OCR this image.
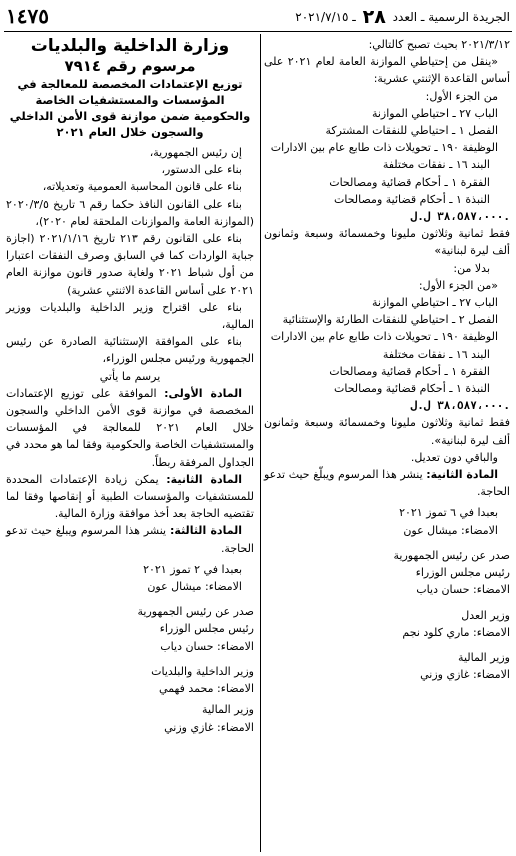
١٤٧٥	الجريدة الرسمية ـ العدد ٢٨ ـ ٢٠٢١/٧/١٥

٢٠٢١/٣/١٢ بحيث تصبح كالتالي:

«ينقل من إحتياطي الموازنة العامة لعام ٢٠٢١ على أساس القاعدة الإثنتي عشرية:

من الجزء الأول:

الباب ٢٧ ـ احتياطي الموازنة

الفصل ١ ـ احتياطي للنفقات المشتركة

الوظيفة ١٩٠ ـ تحويلات ذات طابع عام بين الادارات

البند ١٦ ـ نفقات مختلفة

الفقرة ١ ـ أحكام قضائية ومصالحات

النبذة ١ ـ أحكام قضائية ومصالحات

٣٨،٥٨٧،٠٠٠ ل.ل.

فقط ثمانية وثلاثون مليونا وخمسمائة وسبعة وثمانون ألف ليرة لبنانية»

بدلا من:

«من الجزء الأول:

الباب ٢٧ ـ احتياطي الموازنة

الفصل ٢ ـ احتياطي للنفقات الطارئة والإستثنائية

الوظيفة ١٩٠ ـ تحويلات ذات طابع عام بين الادارات

البند ١٦ ـ نفقات مختلفة

الفقرة ١ ـ أحكام قضائية ومصالحات

النبذة ١ ـ أحكام قضائية ومصالحات

٣٨،٥٨٧،٠٠٠ ل.ل.

فقط ثمانية وثلاثون مليونا وخمسمائة وسبعة وثمانون ألف ليرة لبنانية».

والباقي دون تعديل.

المادة الثانية: ينشر هذا المرسوم ويبلّغ حيث تدعو الحاجة.

بعبدا في ٦ تموز ٢٠٢١

الامضاء: ميشال عون

صدر عن رئيس الجمهورية

رئيس مجلس الوزراء

الامضاء: حسان دياب

وزير العدل

الامضاء: ماري كلود نجم

وزير المالية

الامضاء: غازي وزني

وزارة الداخلية والبلديات

مرسوم رقم ٧٩١٤

توزيع الإعتمادات المخصصة للمعالجة في المؤسسات والمستشفيات الخاصة والحكومية ضمن موازنة قوى الأمن الداخلي والسجون خلال العام ٢٠٢١

إن رئيس الجمهورية،

بناء على الدستور،

بناء على قانون المحاسبة العمومية وتعديلاته،

بناء على القانون النافذ حكما رقم ٦ تاريخ ٢٠٢٠/٣/٥ (الموازنة العامة والموازنات الملحقة لعام ٢٠٢٠)،

بناء على القانون رقم ٢١٣ تاريخ ٢٠٢١/١/١٦ (اجازة جباية الواردات كما في السابق وصرف النفقات اعتبارا من أول شباط ٢٠٢١ ولغاية صدور قانون موازنة العام ٢٠٢١ على أساس القاعدة الاثنتي عشرية)

بناء على اقتراح وزير الداخلية والبلديات ووزير المالية،

بناء على الموافقة الإستثنائية الصادرة عن رئيس الجمهورية ورئيس مجلس الوزراء،

يرسم ما يأتي

المادة الأولى: الموافقة على توزيع الإعتمادات المخصصة في موازنة قوى الأمن الداخلي والسجون خلال العام ٢٠٢١ للمعالجة في المؤسسات والمستشفيات الخاصة والحكومية وفقا لما هو محدد في الجداول المرفقة ربطاً.

المادة الثانية: يمكن زيادة الإعتمادات المحددة للمستشفيات والمؤسسات الطبية أو إنقاصها وفقا لما تقتضيه الحاجة بعد أخذ موافقة وزارة المالية.

المادة الثالثة: ينشر هذا المرسوم ويبلغ حيث تدعو الحاجة.

بعبدا في ٢ تموز ٢٠٢١

الامضاء: ميشال عون

صدر عن رئيس الجمهورية

رئيس مجلس الوزراء

الامضاء: حسان دياب

وزير الداخلية والبلديات

الامضاء: محمد فهمي

وزير المالية

الامضاء: غازي وزني
